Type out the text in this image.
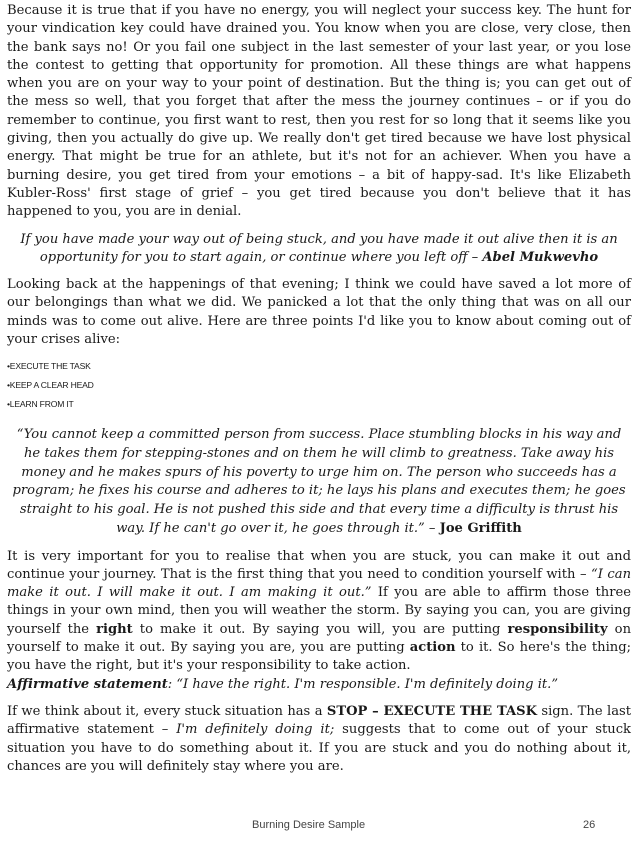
Because it is true that if you have no energy, you will neglect your success key. The hunt for your vindication key could have drained you. You know when you are close, very close, then the bank says no! Or you fail one subject in the last semester of your last year, or you lose the contest to getting that opportunity for promotion. All these things are what happens when you are on your way to your point of destination. But the thing is; you can get out of the mess so well, that you forget that after the mess the journey continues – or if you do remember to continue, you first want to rest, then you rest for so long that it seems like you giving, then you actually do give up. We really don't get tired because we have lost physical energy. That might be true for an athlete, but it's not for an achiever. When you have a burning desire, you get tired from your emotions – a bit of happy-sad. It's like Elizabeth Kubler-Ross' first stage of grief – you get tired because you don't believe that it has happened to you, you are in denial.

If you have made your way out of being stuck, and you have made it out alive then it is an opportunity for you to start again, or continue where you left off – Abel Mukwevho

Looking back at the happenings of that evening; I think we could have saved a lot more of our belongings than what we did. We panicked a lot that the only thing that was on all our minds was to come out alive. Here are three points I'd like you to know about coming out of your crises alive:

•EXECUTE THE TASK
•KEEP A CLEAR HEAD
•LEARN FROM IT

“You cannot keep a committed person from success. Place stumbling blocks in his way and he takes them for stepping-stones and on them he will climb to greatness. Take away his money and he makes spurs of his poverty to urge him on. The person who succeeds has a program; he fixes his course and adheres to it; he lays his plans and executes them; he goes straight to his goal. He is not pushed this side and that every time a difficulty is thrust his way. If he can't go over it, he goes through it.” – Joe Griffith

It is very important for you to realise that when you are stuck, you can make it out and continue your journey. That is the first thing that you need to condition yourself with – “I can make it out. I will make it out. I am making it out.” If you are able to affirm those three things in your own mind, then you will weather the storm. By saying you can, you are giving yourself the right to make it out. By saying you will, you are putting responsibility on yourself to make it out. By saying you are, you are putting action to it. So here's the thing; you have the right, but it's your responsibility to take action.
Affirmative statement: “I have the right. I'm responsible. I'm definitely doing it.”

If we think about it, every stuck situation has a STOP – EXECUTE THE TASK sign. The last affirmative statement – I'm definitely doing it; suggests that to come out of your stuck situation you have to do something about it. If you are stuck and you do nothing about it, chances are you will definitely stay where you are.

Burning Desire Sample	26
